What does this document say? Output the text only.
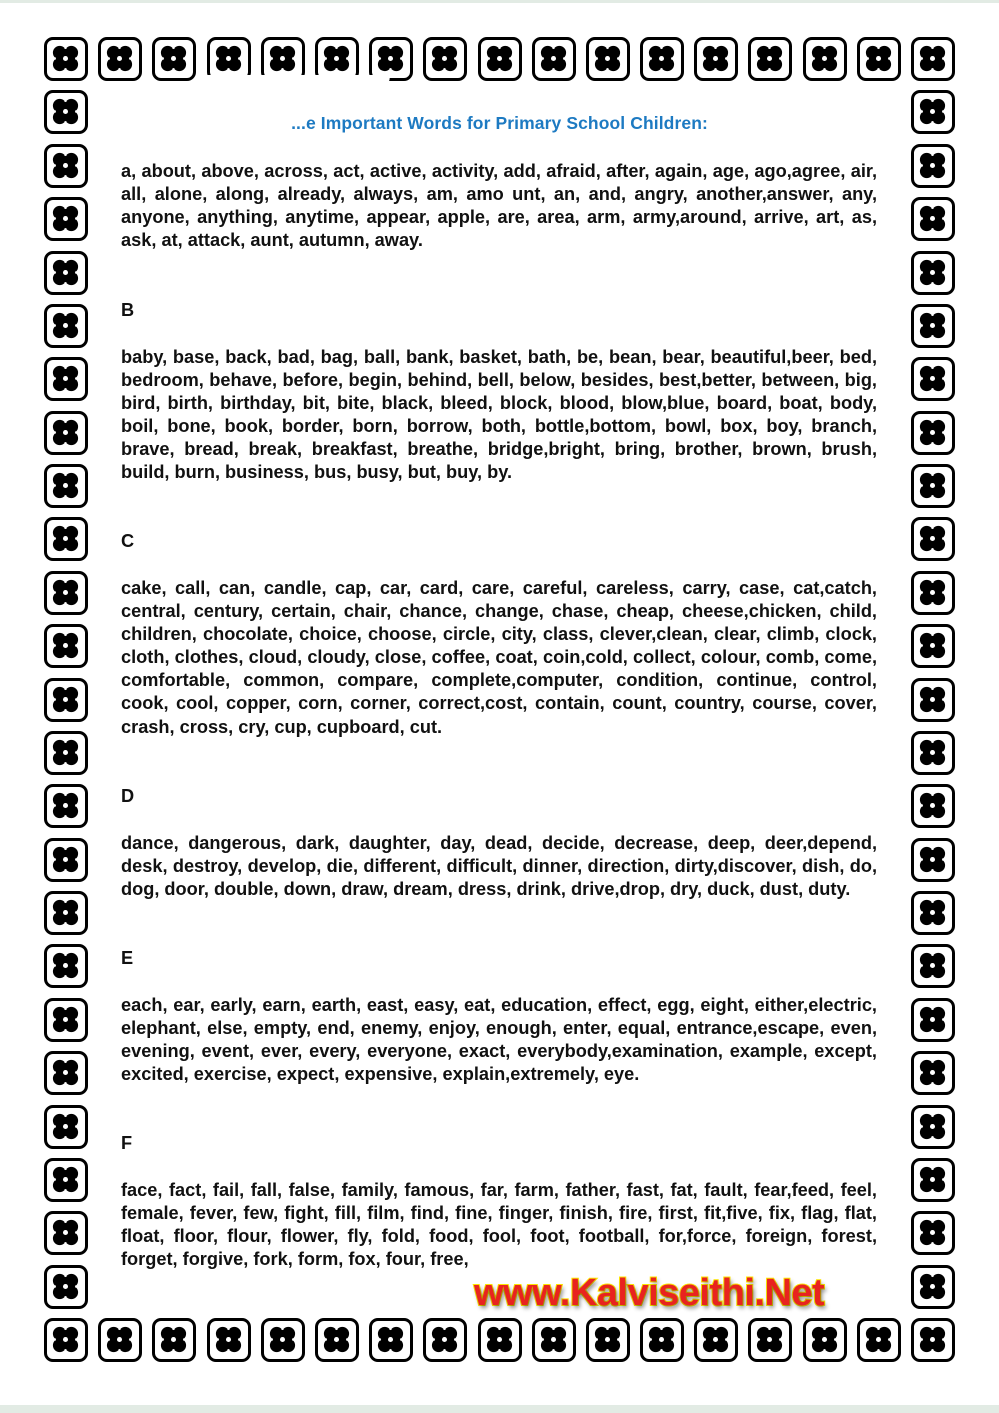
...e Important Words for Primary School Children:

a, about, above, across, act, active, activity, add, afraid, after, again, age, ago,agree, air, all, alone, along, already, always, am, amo unt, an, and, angry, another,answer, any, anyone, anything, anytime, appear, apple, are, area, arm, army,around, arrive, art, as, ask, at, attack, aunt, autumn, away.

B

baby, base, back, bad, bag, ball, bank, basket, bath, be, bean, bear, beautiful,beer, bed, bedroom, behave, before, begin, behind, bell, below, besides, best,better, between, big, bird, birth, birthday, bit, bite, black, bleed, block, blood, blow,blue, board, boat, body, boil, bone, book, border, born, borrow, both, bottle,bottom, bowl, box, boy, branch, brave, bread, break, breakfast, breathe, bridge,bright, bring, brother, brown, brush, build, burn, business, bus, busy, but, buy, by.

C

cake, call, can, candle, cap, car, card, care, careful, careless, carry, case, cat,catch, central, century, certain, chair, chance, change, chase, cheap, cheese,chicken, child, children, chocolate, choice, choose, circle, city, class, clever,clean, clear, climb, clock, cloth, clothes, cloud, cloudy, close, coffee, coat, coin,cold, collect, colour, comb, come, comfortable, common, compare, complete,computer, condition, continue, control, cook, cool, copper, corn, corner, correct,cost, contain, count, country, course, cover, crash, cross, cry, cup, cupboard, cut.

D

dance, dangerous, dark, daughter, day, dead, decide, decrease, deep, deer,depend, desk, destroy, develop, die, different, difficult, dinner, direction, dirty,discover, dish, do, dog, door, double, down, draw, dream, dress, drink, drive,drop, dry, duck, dust, duty.

E

each, ear, early, earn, earth, east, easy, eat, education, effect, egg, eight, either,electric, elephant, else, empty, end, enemy, enjoy, enough, enter, equal, entrance,escape, even, evening, event, ever, every, everyone, exact, everybody,examination, example, except, excited, exercise, expect, expensive, explain,extremely, eye.

F

face, fact, fail, fall, false, family, famous, far, farm, father, fast, fat, fault, fear,feed, feel, female, fever, few, fight, fill, film, find, fine, finger, finish, fire, first, fit,five, fix, flag, flat, float, floor, flour, flower, fly, fold, food, fool, foot, football, for,force, foreign, forest, forget, forgive, fork, form, fox, four, free,

www.Kalviseithi.Net
